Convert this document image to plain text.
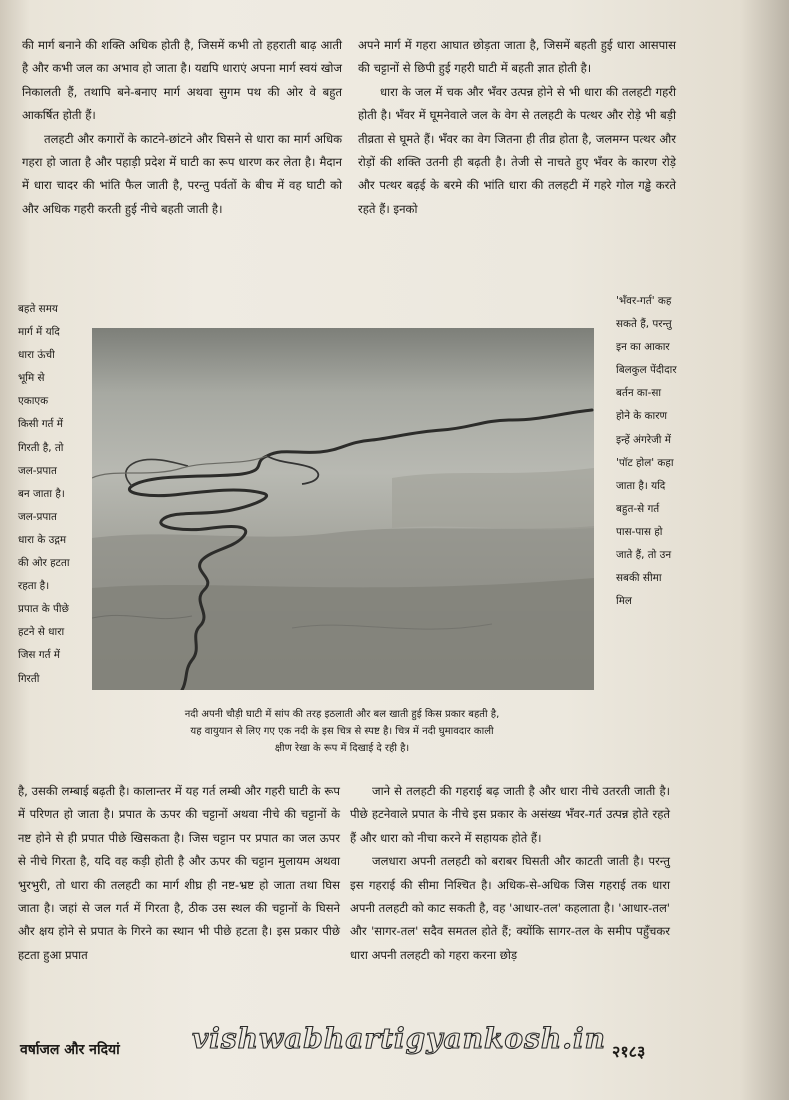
की मार्ग बनाने की शक्ति अधिक होती है, जिसमें कभी तो हहराती बाढ़ आती है और कभी जल का अभाव हो जाता है। यद्यपि धाराएं अपना मार्ग स्वयं खोज निकालती हैं, तथापि बने-बनाए मार्ग अथवा सुगम पथ की ओर वे बहुत आकर्षित होती हैं।

तलहटी और कगारों के काटने-छांटने और घिसने से धारा का मार्ग अधिक गहरा हो जाता है और पहाड़ी प्रदेश में घाटी का रूप धारण कर लेता है। मैदान में धारा चादर की भांति फैल जाती है, परन्तु पर्वतों के बीच में वह घाटी को और अधिक गहरी करती हुई नीचे बहती जाती है।

अपने मार्ग में गहरा आघात छोड़ता जाता है, जिसमें बहती हुई धारा आसपास की चट्टानों से छिपी हुई गहरी घाटी में बहती ज्ञात होती है।

धारा के जल में चक और भँवर उत्पन्न होने से भी धारा की तलहटी गहरी होती है। भँवर में घूमनेवाले जल के वेग से तलहटी के पत्थर और रोड़े भी बड़ी तीव्रता से घूमते हैं। भँवर का वेग जितना ही तीव्र होता है, जलमग्न पत्थर और रोड़ों की शक्ति उतनी ही बढ़ती है। तेजी से नाचते हुए भँवर के कारण रोड़े और पत्थर बढ़ई के बरमे की भांति धारा की तलहटी में गहरे गोल गड्ढे करते रहते हैं। इनको

बहते समय मार्ग में यदि धारा ऊंची भूमि से एकाएक किसी गर्त में गिरती है, तो जल-प्रपात बन जाता है। जल-प्रपात धारा के उद्गम की ओर हटता रहता है। प्रपात के पीछे हटने से धारा जिस गर्त में गिरती

'भँवर-गर्त' कह सकते हैं, परन्तु इन का आकार बिलकुल पेंदीदार बर्तन का-सा होने के कारण इन्हें अंगरेजी में 'पॉट होल' कहा जाता है। यदि बहुत-से गर्त पास-पास हो जाते हैं, तो उन सबकी सीमा मिल

नदी अपनी चौड़ी घाटी में सांप की तरह इठलाती और बल खाती हुई किस प्रकार बहती है,

यह वायुयान से लिए गए एक नदी के इस चित्र से स्पष्ट है। चित्र में नदी घुमावदार काली

क्षीण रेखा के रूप में दिखाई दे रही है।

है, उसकी लम्बाई बढ़ती है। कालान्तर में यह गर्त लम्बी और गहरी घाटी के रूप में परिणत हो जाता है। प्रपात के ऊपर की चट्टानों अथवा नीचे की चट्टानों के नष्ट होने से ही प्रपात पीछे खिसकता है। जिस चट्टान पर प्रपात का जल ऊपर से नीचे गिरता है, यदि वह कड़ी होती है और ऊपर की चट्टान मुलायम अथवा भुरभुरी, तो धारा की तलहटी का मार्ग शीघ्र ही नष्ट-भ्रष्ट हो जाता तथा घिस जाता है। जहां से जल गर्त में गिरता है, ठीक उस स्थल की चट्टानों के घिसने और क्षय होने से प्रपात के गिरने का स्थान भी पीछे हटता है। इस प्रकार पीछे हटता हुआ प्रपात

जाने से तलहटी की गहराई बढ़ जाती है और धारा नीचे उतरती जाती है। पीछे हटनेवाले प्रपात के नीचे इस प्रकार के असंख्य भँवर-गर्त उत्पन्न होते रहते हैं और धारा को नीचा करने में सहायक होते हैं।

जलधारा अपनी तलहटी को बराबर घिसती और काटती जाती है। परन्तु इस गहराई की सीमा निश्चित है। अधिक-से-अधिक जिस गहराई तक धारा अपनी तलहटी को काट सकती है, वह 'आधार-तल' कहलाता है। 'आधार-तल' और 'सागर-तल' सदैव समतल होते हैं; क्योंकि सागर-तल के समीप पहुँचकर धारा अपनी तलहटी को गहरा करना छोड़

वर्षाजल और नदियां	vishwabhartigyankosh.in २१८३
